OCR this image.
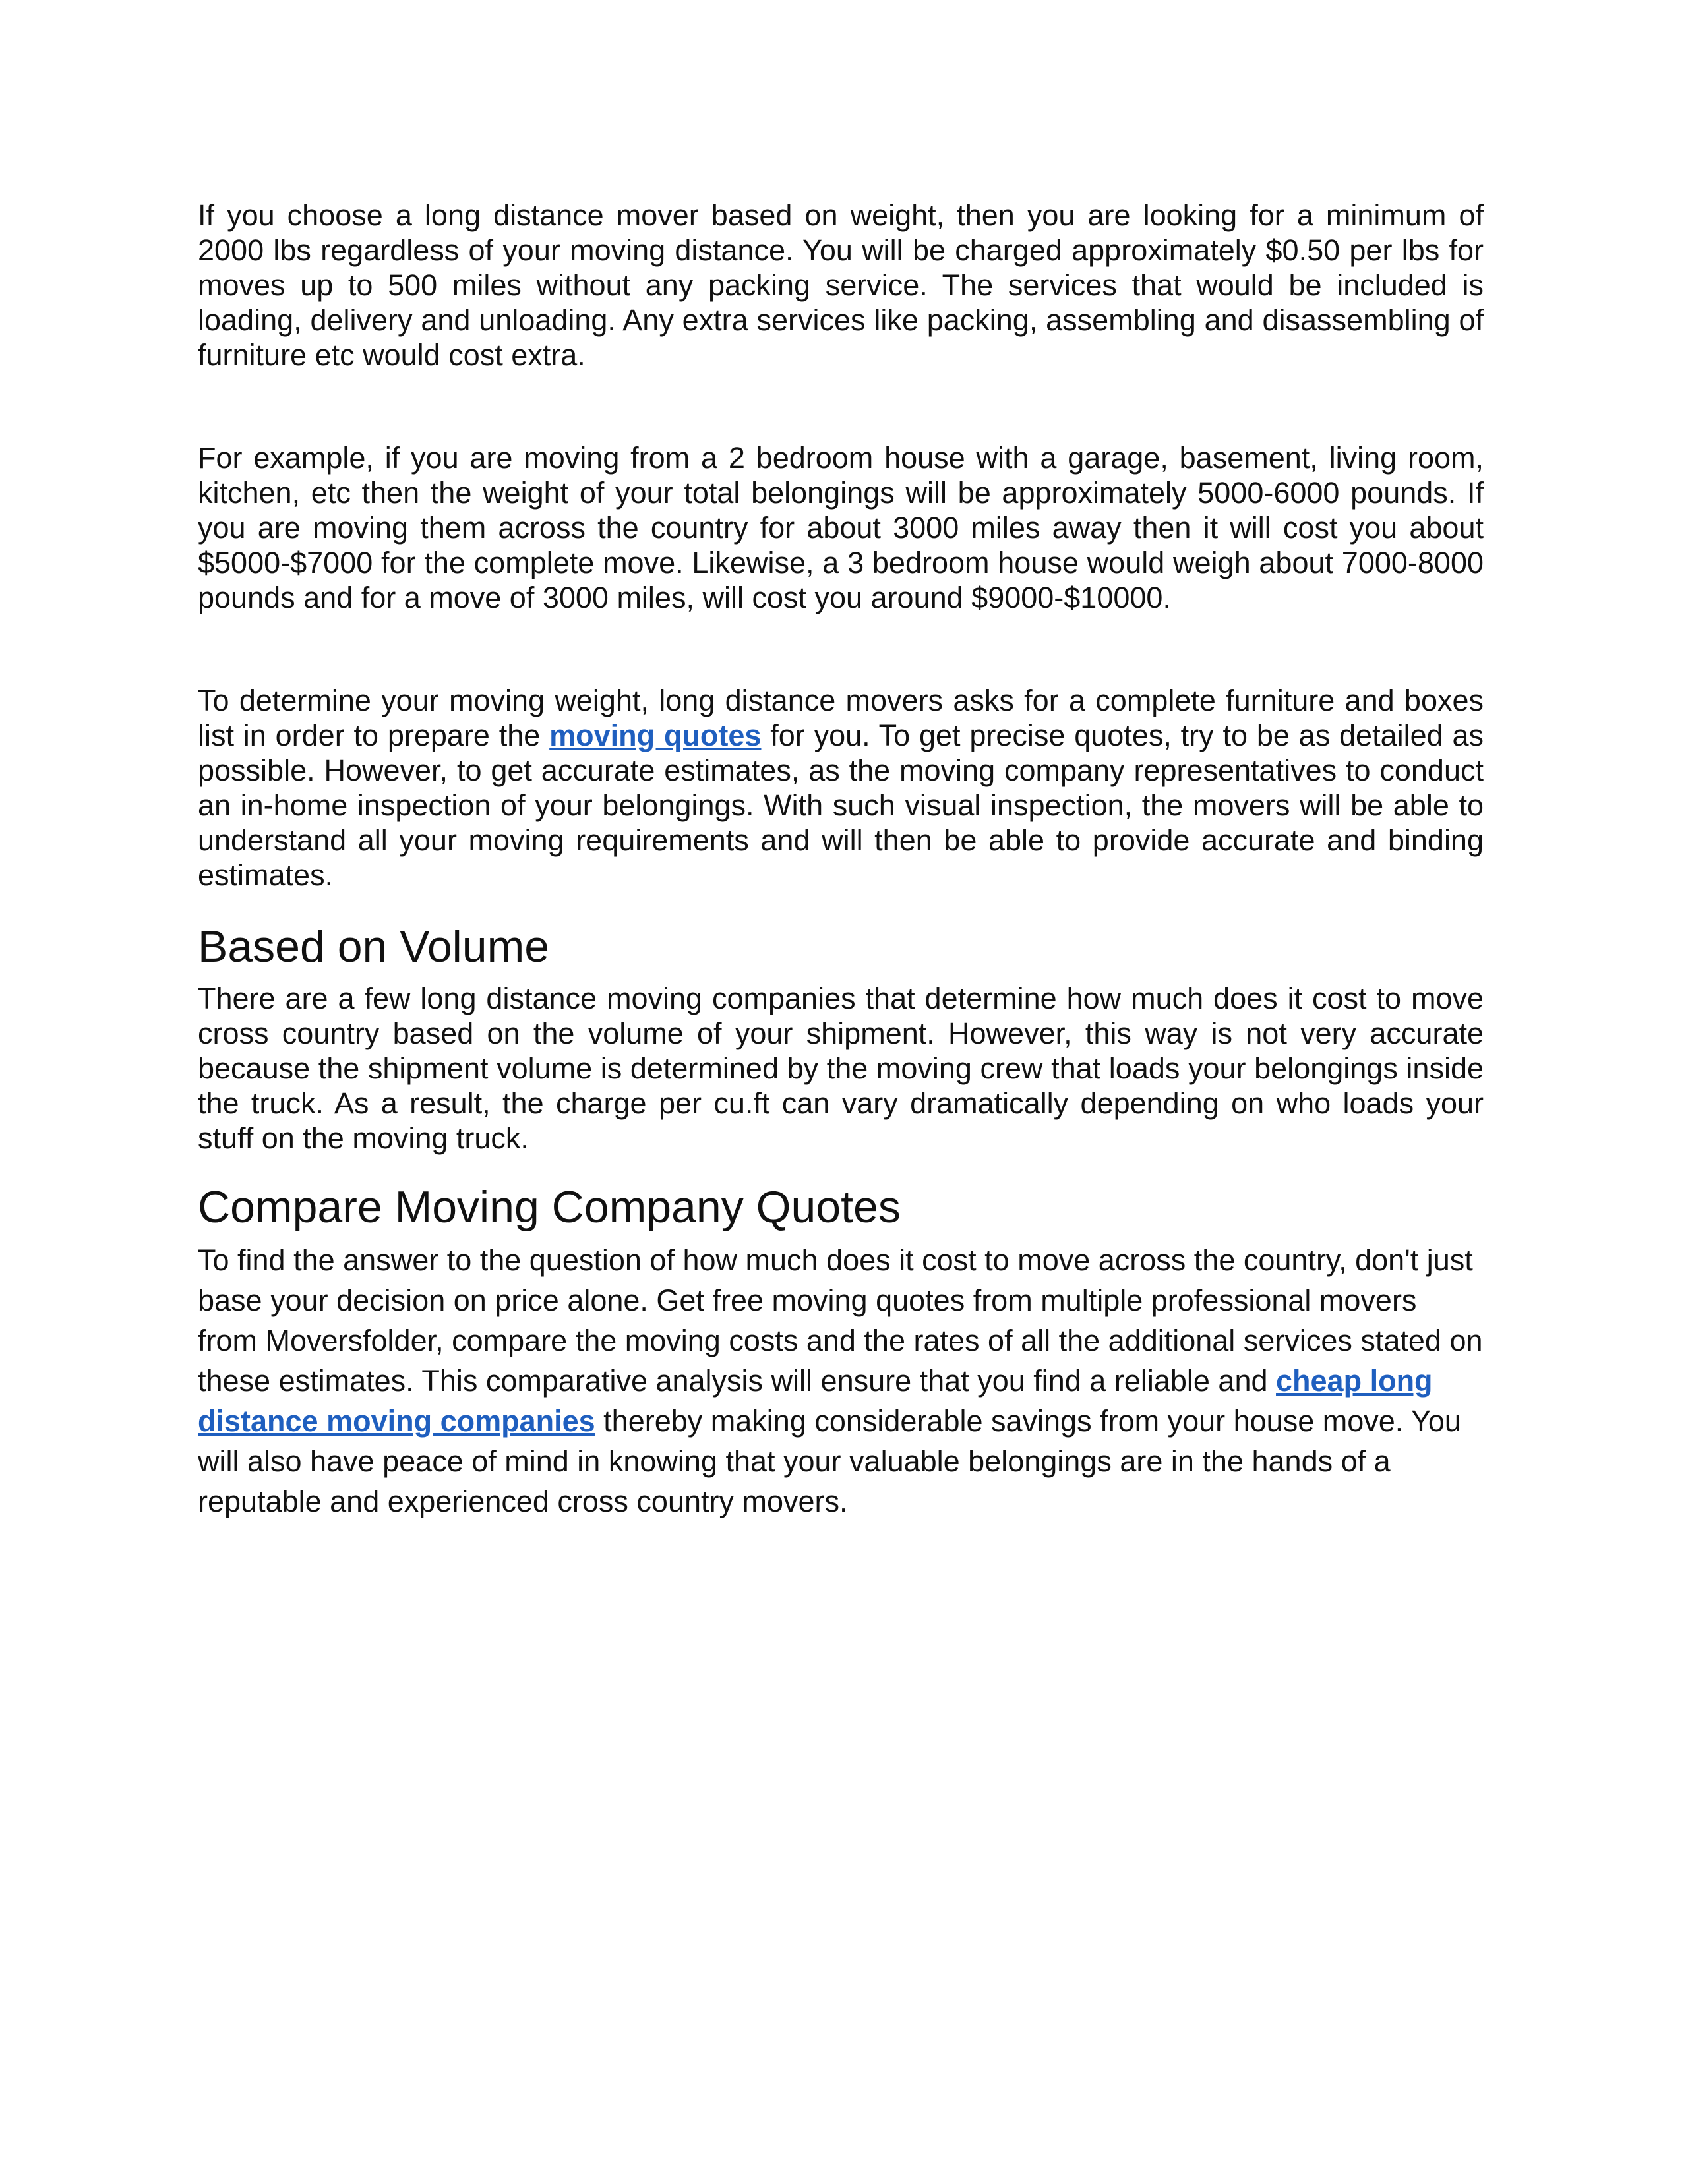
If you choose a long distance mover based on weight, then you are looking for a minimum of 2000 lbs regardless of your moving distance. You will be charged approximately $0.50 per lbs for moves up to 500 miles without any packing service. The services that would be included is loading, delivery and unloading. Any extra services like packing, assembling and disassembling of furniture etc would cost extra.

For example, if you are moving from a 2 bedroom house with a garage, basement, living room, kitchen, etc then the weight of your total belongings will be approximately 5000-6000 pounds. If you are moving them across the country for about 3000 miles away then it will cost you about $5000-$7000 for the complete move. Likewise, a 3 bedroom house would weigh about 7000-8000 pounds and for a move of 3000 miles, will cost you around $9000-$10000.

To determine your moving weight, long distance movers asks for a complete furniture and boxes list in order to prepare the moving quotes for you. To get precise quotes, try to be as detailed as possible. However, to get accurate estimates, as the moving company representatives to conduct an in-home inspection of your belongings. With such visual inspection, the movers will be able to understand all your moving requirements and will then be able to provide accurate and binding estimates.

Based on Volume

There are a few long distance moving companies that determine how much does it cost to move cross country based on the volume of your shipment. However, this way is not very accurate because the shipment volume is determined by the moving crew that loads your belongings inside the truck. As a result, the charge per cu.ft can vary dramatically depending on who loads your stuff on the moving truck.

Compare Moving Company Quotes

To find the answer to the question of how much does it cost to move across the country, don't just base your decision on price alone. Get free moving quotes from multiple professional movers from Moversfolder, compare the moving costs and the rates of all the additional services stated on these estimates. This comparative analysis will ensure that you find a reliable and cheap long distance moving companies thereby making considerable savings from your house move. You will also have peace of mind in knowing that your valuable belongings are in the hands of a reputable and experienced cross country movers.
